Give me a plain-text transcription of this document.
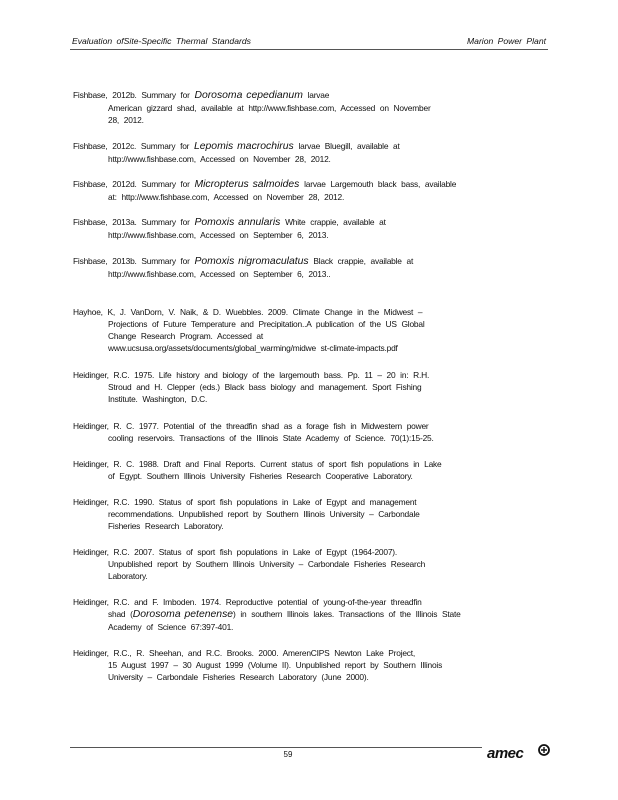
Evaluation ofSite-Specific Thermal Standards	Marion Power Plant

Fishbase, 2012b. Summary for Dorosoma cepedianum larvae

American gizzard shad, available at http://www.fishbase.com, Accessed on November

28, 2012.

Fishbase, 2012c. Summary for Lepomis macrochirus larvae Bluegill, available at

http://www.fishbase.com, Accessed on November 28, 2012.

Fishbase, 2012d. Summary for Micropterus salmoides larvae Largemouth black bass, available

at: http://www.fishbase.com, Accessed on November 28, 2012.

Fishbase, 2013a. Summary for Pomoxis annularis White crappie, available at

http://www.fishbase.com, Accessed on September 6, 2013.

Fishbase, 2013b. Summary for Pomoxis nigromaculatus Black crappie, available at

http://www.fishbase.com, Accessed on September 6, 2013..

Hayhoe, K, J. VanDorn, V. Naik, & D. Wuebbles. 2009. Climate Change in the Midwest –

Projections of Future Temperature and Precipitation..A publication of the US Global

Change Research Program. Accessed at

www.ucsusa.org/assets/documents/global_warming/midwe st-climate-impacts.pdf

Heidinger, R.C. 1975. Life history and biology of the largemouth bass. Pp. 11 – 20 in: R.H.

Stroud and H. Clepper (eds.) Black bass biology and management. Sport Fishing

Institute. Washington, D.C.

Heidinger, R. C. 1977. Potential of the threadfin shad as a forage fish in Midwestern power

cooling reservoirs. Transactions of the Illinois State Academy of Science. 70(1):15-25.

Heidinger, R. C. 1988. Draft and Final Reports. Current status of sport fish populations in Lake

of Egypt. Southern Illinois University Fisheries Research Cooperative Laboratory.

Heidinger, R.C. 1990. Status of sport fish populations in Lake of Egypt and management

recommendations. Unpublished report by Southern Illinois University – Carbondale

Fisheries Research Laboratory.

Heidinger, R.C. 2007. Status of sport fish populations in Lake of Egypt (1964-2007).

Unpublished report by Southern Illinois University – Carbondale Fisheries Research

Laboratory.

Heidinger, R.C. and F. Imboden. 1974. Reproductive potential of young-of-the-year threadfin

shad (Dorosoma petenense) in southern Illinois lakes. Transactions of the Illinois State

Academy of Science 67:397-401.

Heidinger, R.C., R. Sheehan, and R.C. Brooks. 2000. AmerenCIPS Newton Lake Project,

15 August 1997 – 30 August 1999 (Volume II). Unpublished report by Southern Illinois

University – Carbondale Fisheries Research Laboratory (June 2000).

59	amec
